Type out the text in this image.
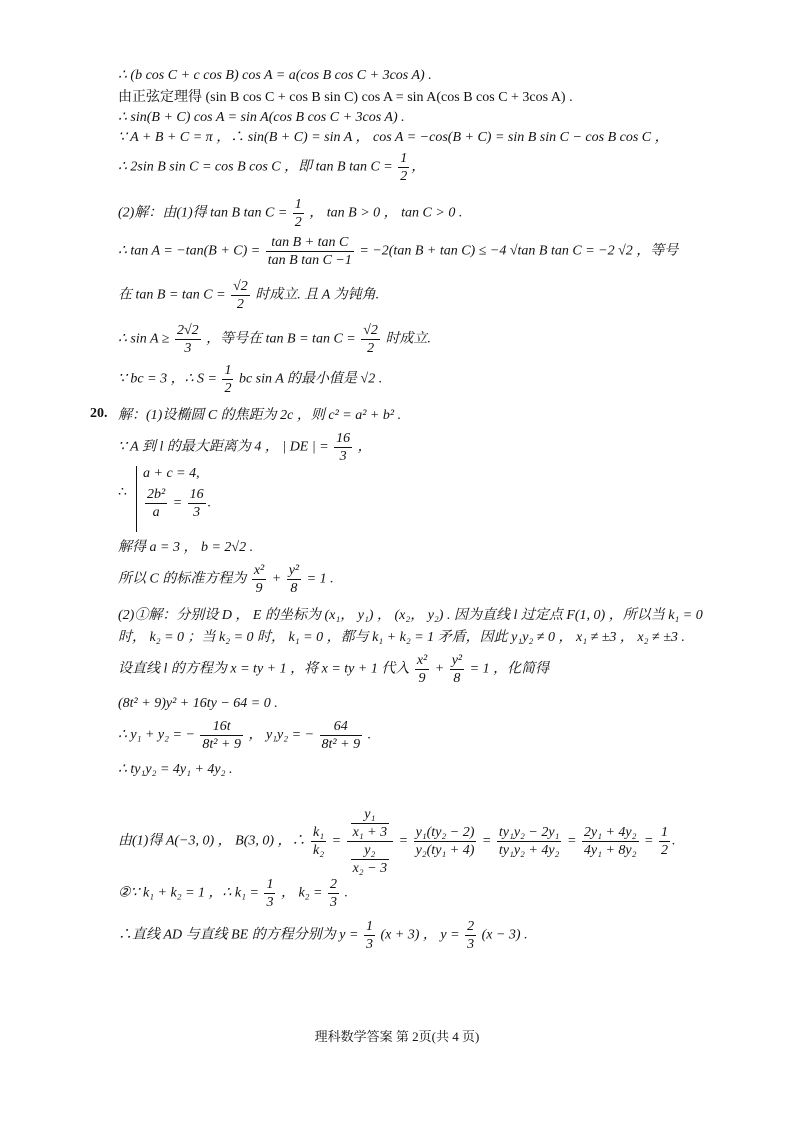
∴ (b cos C + c cos B) cos A = a(cos B cos C + 3cos A) .
由正弦定理得 (sin B cos C + cos B sin C) cos A = sin A(cos B cos C + 3cos A) .
∴ sin(B + C) cos A = sin A(cos B cos C + 3cos A) .
∵ A + B + C = π ，∴ sin(B + C) = sin A ， cos A = −cos(B + C) = sin B sin C − cos B cos C ，
∴ 2sin B sin C = cos B cos C ，即 tan B $\tan C = \frac{1}{2}$ ，
(2)解：由(1)得 tan B $\tan C = \frac{1}{2}$ ， tan B > 0 ， tan C > 0 .
∴ $\tan A = -\tan(B + C) = \frac{\text{tan B + tan C}}{\text{tan B tan C −1}} = -2(\tan$ B + tan C) ≤ −4 √tan B tan C = −2 √2 ，等号
在 $\tan B = \tan C = \frac{√2}{2}$ 时成立. 且 A 为钝角.
∴ $\sin A \ge \frac{2√2}{3}$ ，等号在 $\tan B = \tan C = \frac{√2}{2}$ 时成立.
∵ bc = 3 ，∴ $S = \frac{1}{2}$ bc sin A 的最小值是 √2 .
20. 解：(1)设椭圆 C 的焦距为 2c ，则 c² = a² + b² .
∵ A 到 l 的最大距离为 4 ， | DE | = $\frac{16}{3}$ ，
∴
a + c = 4,
$\frac{\text{2b²}}{a} = \frac{16}{3}$ .
解得 a = 3 ， b = 2√2 .
所以 C 的标准方程为 $\frac{\text{x²}}{9} + \frac{\text{y²}}{8} = 1$ .
(2)①解：分别设 D ， E 的坐标为 (x₁， y₁) ， (x₂， y₂) . 因为直线 l 过定点 F(1, 0) ，所以当 k₁ = 0
时， k₂ = 0 ；当 k₂ = 0 时， k₁ = 0 ，都与 k₁ + k₂ = 1 矛盾，因此 y₁y₂ ≠ 0 ， x₁ ≠ ±3 ， x₂ ≠ ±3 .
设直线 l 的方程为 x = ty + 1 ，将 x = ty + 1 代入 $\frac{\text{x²}}{9} + \frac{\text{y²}}{8} = 1$ ，化简得
(8t² + 9)y² + 16ty − 64 = 0 .
∴ y₁ + y₂ = − $\frac{16t}{\text{8t² + 9}}$ ， y₁y₂ = − $\frac{64}{\text{8t² + 9}}$ .
∴ ty₁y₂ = 4y₁ + 4y₂ .
由(1)得 A(−3, 0) ， B(3, 0) ，∴ $\frac{\text{k₁}}{\text{k₂}} = \frac{\frac{\text{y₁}}{\text{x₁ + 3}}}{\frac{\text{y₂}}{\text{x₂ − 3}}} = \frac{\text{y₁(ty₂ − 2)}}{\text{y₂(ty₁ + 4)}} = \frac{\text{ty₁y₂ − 2y₁}}{\text{ty₁y₂ + 4y₂}} = \frac{\text{2y₁ + 4y₂}}{\text{4y₁ + 8y₂}} = \frac{1}{2}$ .
②∵ k₁ + k₂ = 1 ，∴ $k_1 = \frac{1}{3}$ ， $k_2 = \frac{2}{3}$ .
∴直线 AD 与直线 BE 的方程分别为 $y = \frac{1}{3} (x + 3)$ ， $y = \frac{2}{3} (x - 3)$ .
理科数学答案 第 2页(共 4 页)
